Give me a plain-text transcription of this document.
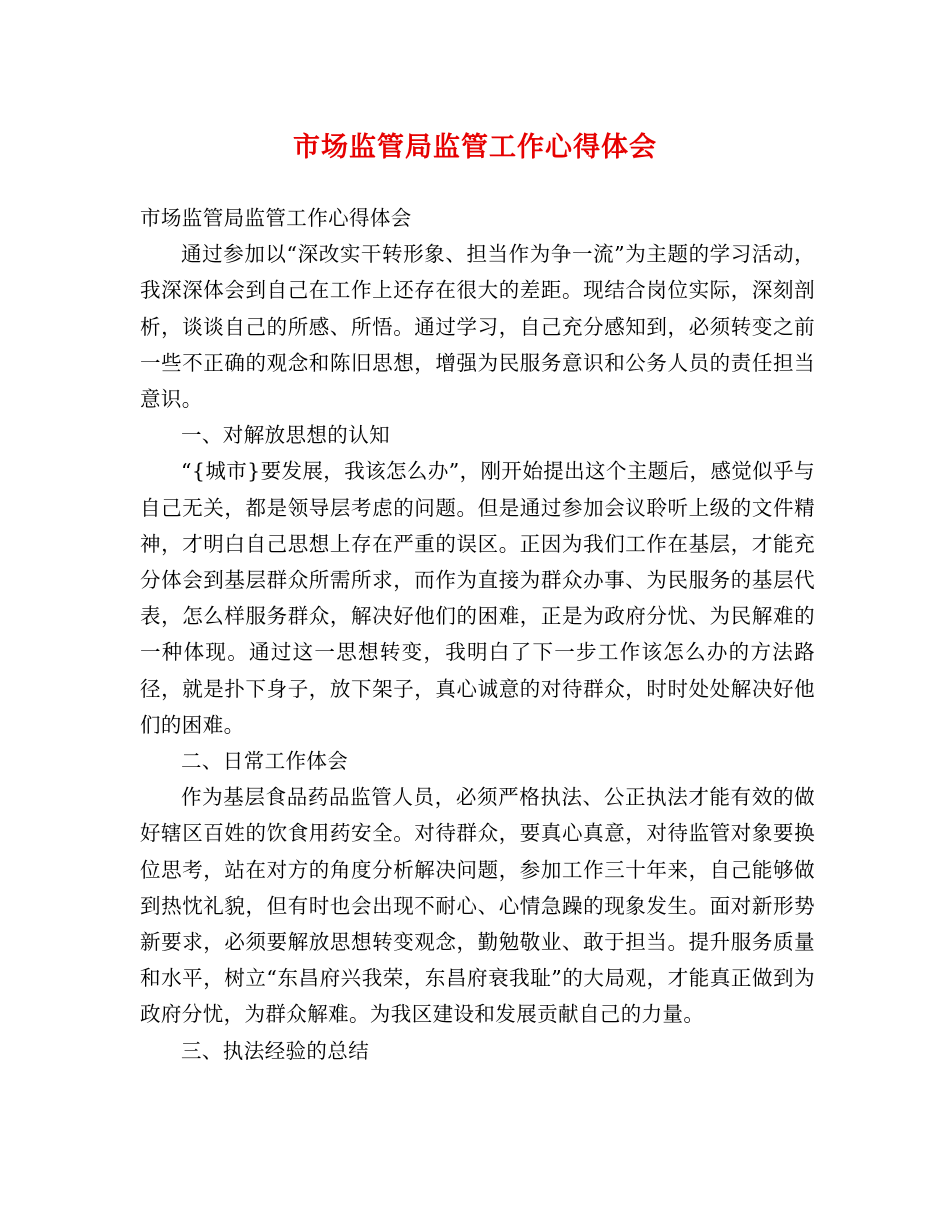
市场监管局监管工作心得体会

市场监管局监管工作心得体会

通过参加以“深改实干转形象、担当作为争一流”为主题的学习活动，我深深体会到自己在工作上还存在很大的差距。现结合岗位实际，深刻剖析，谈谈自己的所感、所悟。通过学习，自己充分感知到，必须转变之前一些不正确的观念和陈旧思想，增强为民服务意识和公务人员的责任担当意识。

一、对解放思想的认知

“{城市}要发展，我该怎么办”，刚开始提出这个主题后，感觉似乎与自己无关，都是领导层考虑的问题。但是通过参加会议聆听上级的文件精神，才明白自己思想上存在严重的误区。正因为我们工作在基层，才能充分体会到基层群众所需所求，而作为直接为群众办事、为民服务的基层代表，怎么样服务群众，解决好他们的困难，正是为政府分忧、为民解难的一种体现。通过这一思想转变，我明白了下一步工作该怎么办的方法路径，就是扑下身子，放下架子，真心诚意的对待群众，时时处处解决好他们的困难。

二、日常工作体会

作为基层食品药品监管人员，必须严格执法、公正执法才能有效的做好辖区百姓的饮食用药安全。对待群众，要真心真意，对待监管对象要换位思考，站在对方的角度分析解决问题，参加工作三十年来，自己能够做到热忱礼貌，但有时也会出现不耐心、心情急躁的现象发生。面对新形势新要求，必须要解放思想转变观念，勤勉敬业、敢于担当。提升服务质量和水平，树立“东昌府兴我荣，东昌府衰我耻”的大局观，才能真正做到为政府分忧，为群众解难。为我区建设和发展贡献自己的力量。

三、执法经验的总结
